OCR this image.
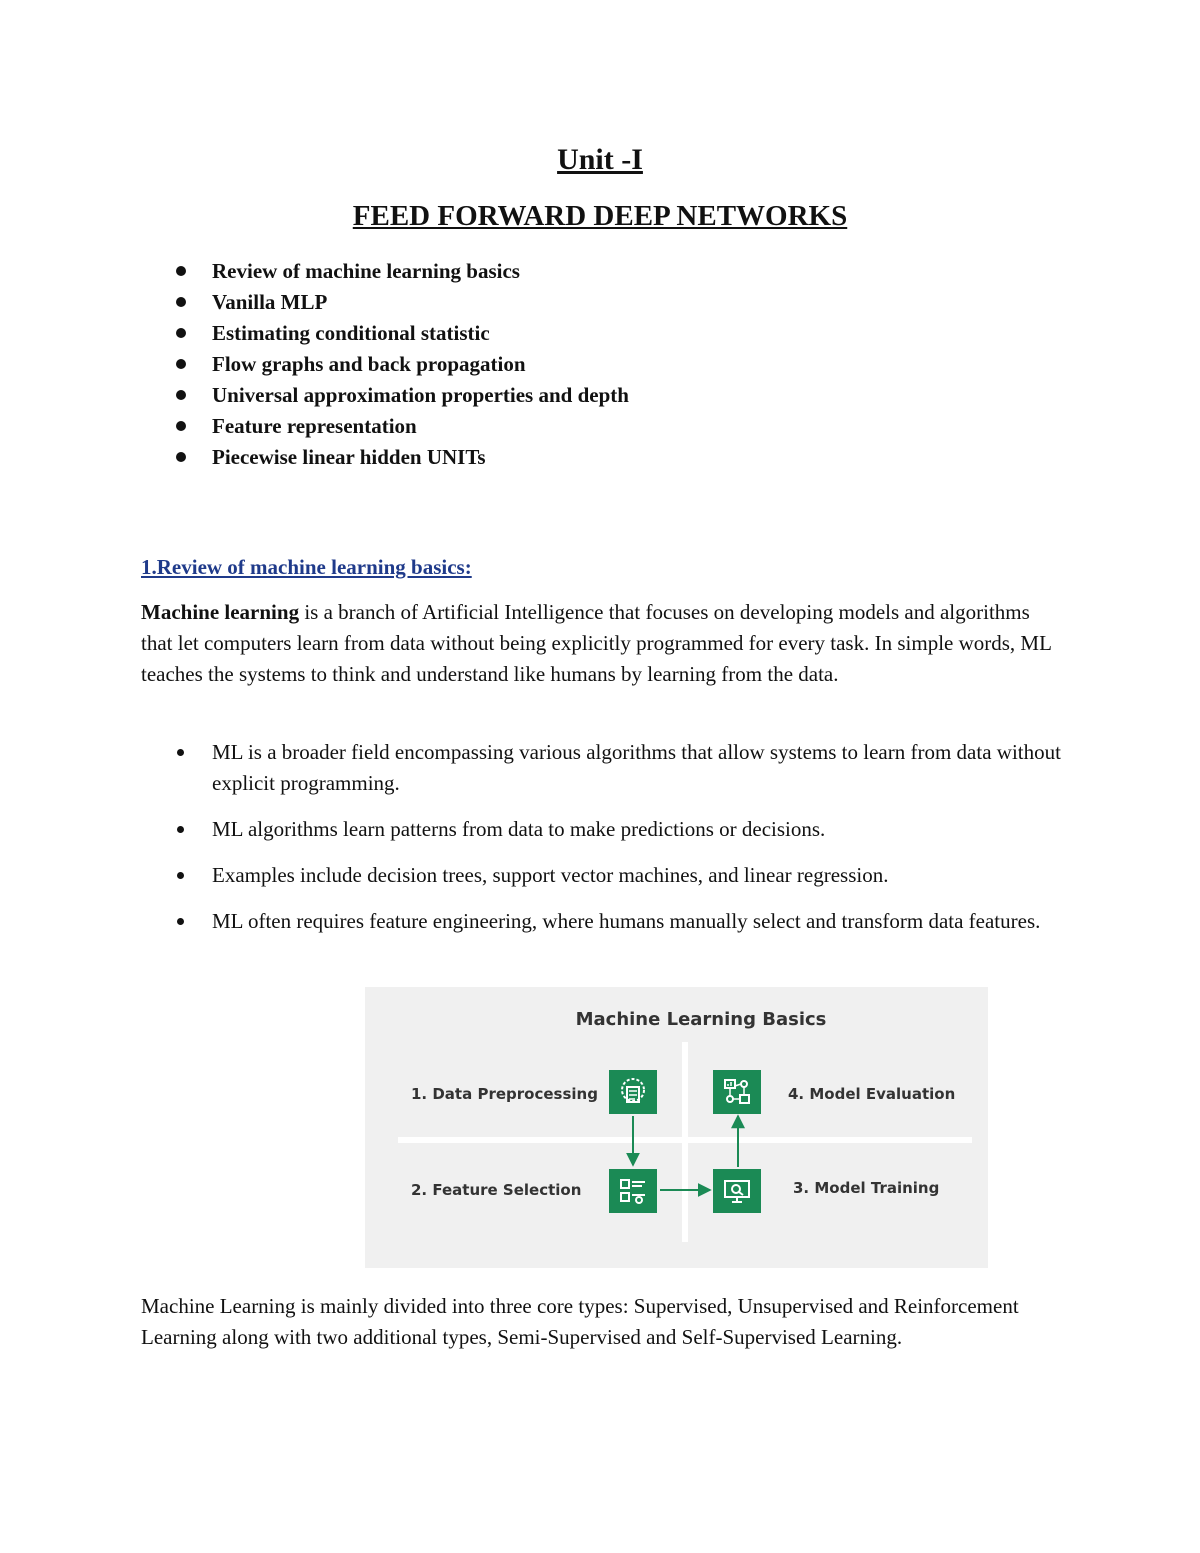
Unit -I
FEED FORWARD DEEP NETWORKS
Review of machine learning basics
Vanilla MLP
Estimating conditional statistic
Flow graphs and back propagation
Universal approximation properties and depth
Feature representation
Piecewise linear hidden UNITs
1.Review of machine learning basics:

Machine learning is a branch of Artificial Intelligence that focuses on developing models and algorithms that let computers learn from data without being explicitly programmed for every task. In simple words, ML teaches the systems to think and understand like humans by learning from the data.

ML is a broader field encompassing various algorithms that allow systems to learn from data without explicit programming.
ML algorithms learn patterns from data to make predictions or decisions.
Examples include decision trees, support vector machines, and linear regression.
ML often requires feature engineering, where humans manually select and transform data features.
Machine Learning Basics
1. Data Preprocessing
2. Feature Selection	3. Model Training
4. Model Evaluation

Machine Learning is mainly divided into three core types: Supervised, Unsupervised and Reinforcement Learning along with two additional types, Semi-Supervised and Self-Supervised Learning.
